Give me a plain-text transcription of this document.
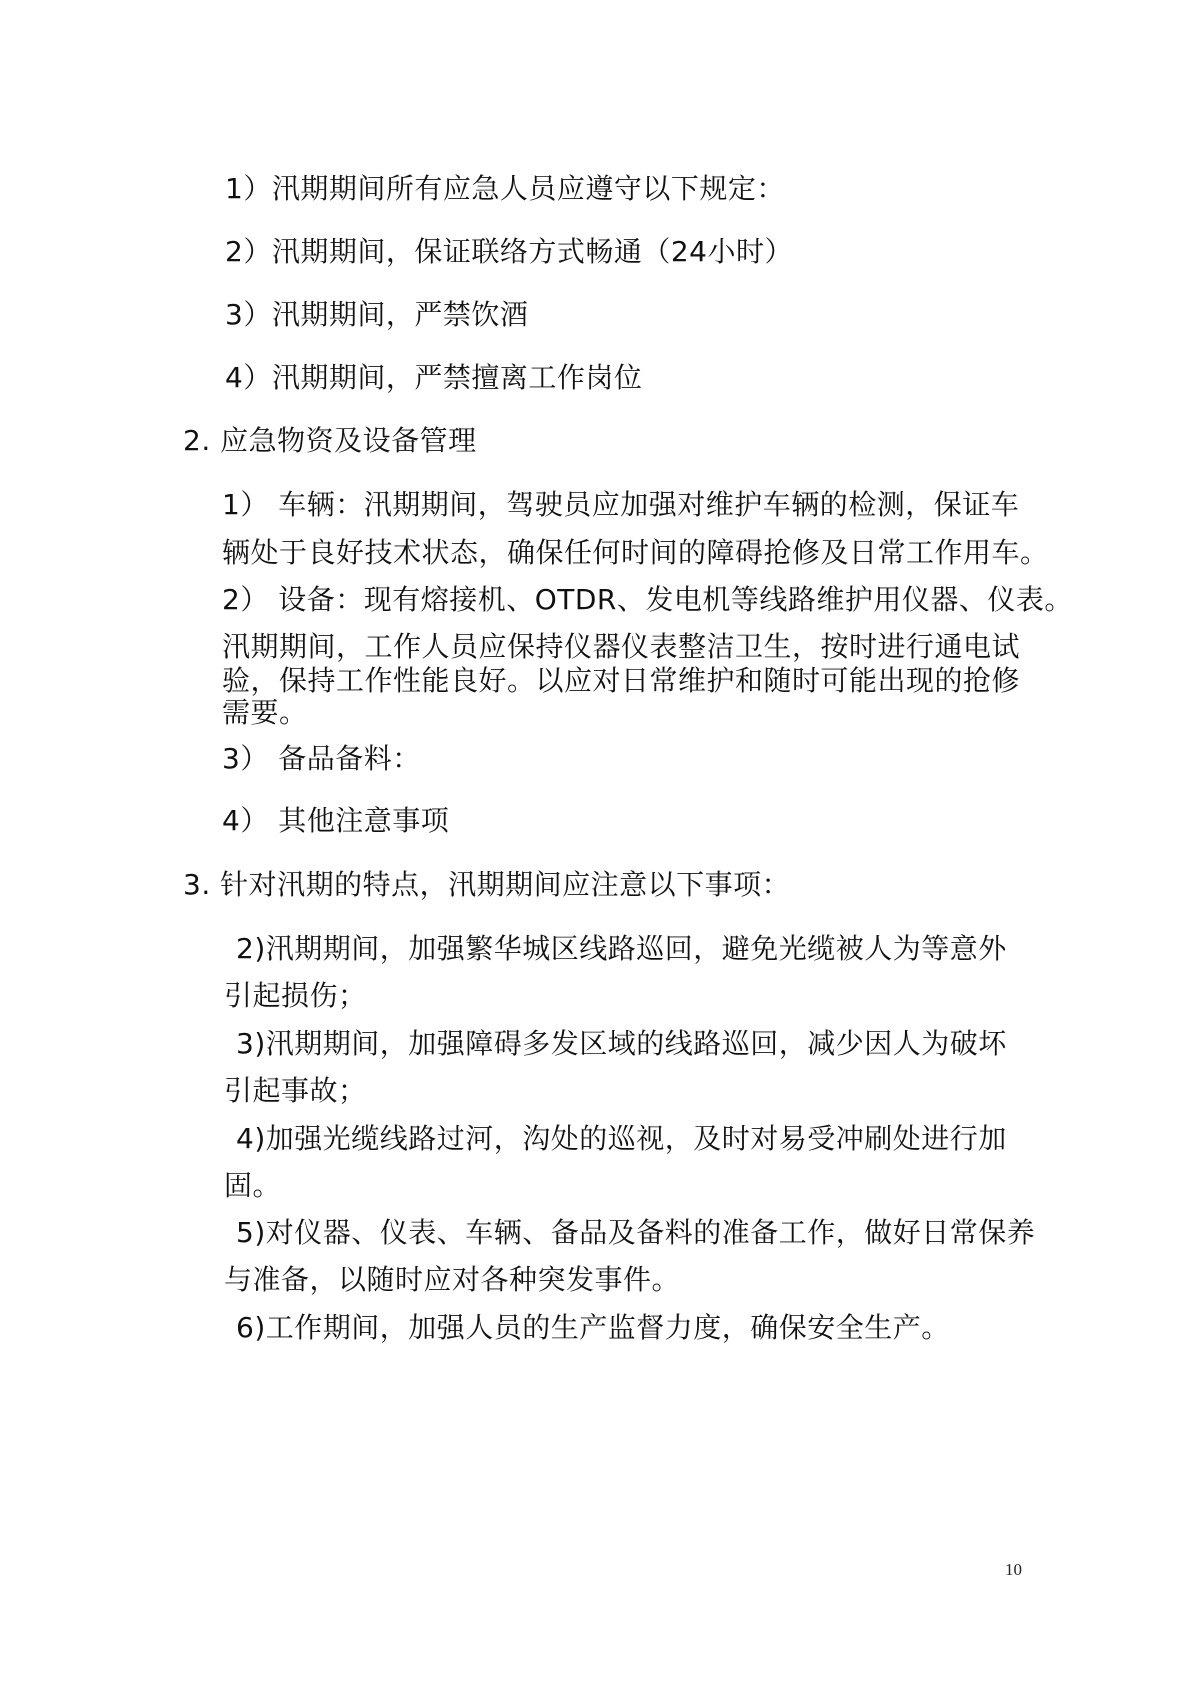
1）汛期期间所有应急人员应遵守以下规定：
2）汛期期间，保证联络方式畅通（24小时）
3）汛期期间，严禁饮酒
4）汛期期间，严禁擅离工作岗位
2. 应急物资及设备管理
1） 车辆：汛期期间，驾驶员应加强对维护车辆的检测，保证车
辆处于良好技术状态，确保任何时间的障碍抢修及日常工作用车。
2） 设备：现有熔接机、OTDR、发电机等线路维护用仪器、仪表。
汛期期间，工作人员应保持仪器仪表整洁卫生，按时进行通电试
验，保持工作性能良好。以应对日常维护和随时可能出现的抢修
需要。
3） 备品备料：
4） 其他注意事项
3. 针对汛期的特点，汛期期间应注意以下事项：
2)汛期期间，加强繁华城区线路巡回，避免光缆被人为等意外
引起损伤；
3)汛期期间，加强障碍多发区域的线路巡回，减少因人为破坏
引起事故；
4)加强光缆线路过河，沟处的巡视，及时对易受冲刷处进行加
固。
5)对仪器、仪表、车辆、备品及备料的准备工作，做好日常保养
与准备，以随时应对各种突发事件。
6)工作期间，加强人员的生产监督力度，确保安全生产。
10
